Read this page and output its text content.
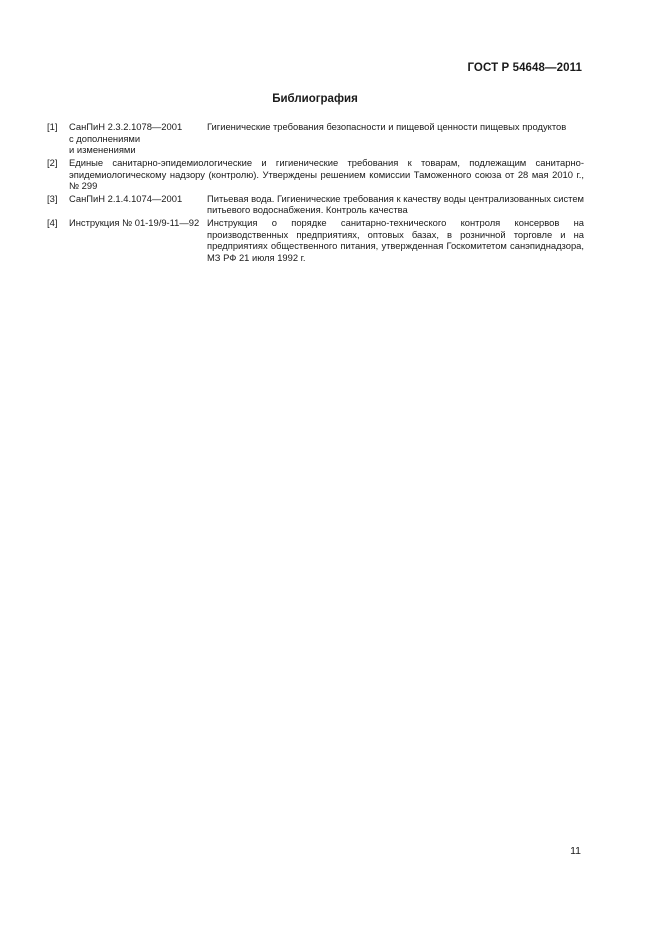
ГОСТ Р 54648—2011
Библиография
[1] СанПиН 2.3.2.1078—2001
с дополнениями
и изменениями
Гигиенические требования безопасности и пищевой ценности пищевых продуктов
[2] Единые санитарно-эпидемиологические и гигиенические требования к товарам, подлежащим санитарно-эпидемиологическому надзору (контролю). Утверждены решением комиссии Таможенного союза от 28 мая 2010 г., № 299
[3] СанПиН 2.1.4.1074—2001	Питьевая вода. Гигиенические требования к качеству воды централизованных систем питьевого водоснабжения. Контроль качества
[4] Инструкция № 01-19/9-11—92 Инструкция о порядке санитарно-технического контроля консервов на производственных предприятиях, оптовых базах, в розничной торговле и на предприятиях общественного питания, утвержденная Госкомитетом санэпиднадзора, МЗ РФ 21 июля 1992 г.
11
